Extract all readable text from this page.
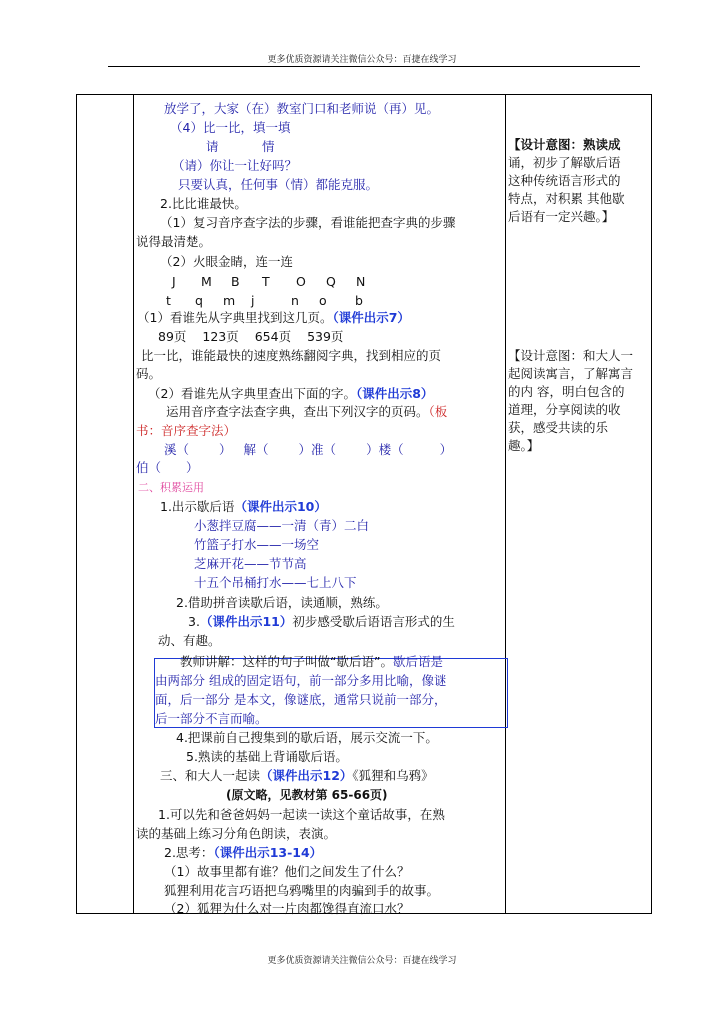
更多优质资源请关注微信公众号：百捷在线学习
放学了，大家（在）教室门口和老师说（再）见。
（4）比一比，填一填
请	情
（请）你让一让好吗？
只要认真，任何事（情）都能克服。
2.比比谁最快。
（1）复习音序查字法的步骤，看谁能把查字典的步骤
说得最清楚。
（2）火眼金睛，连一连
J M B T O Q N
t q m j	n o b
（1）看谁先从字典里找到这几页。（课件出示7）
89页 123页 654页 539页
比一比，谁能最快的速度熟练翻阅字典，找到相应的页
码。
（2）看谁先从字典里查出下面的字。（课件出示8）
运用音序查字法查字典，查出下列汉字的页码。（板
书：音序查字法）
溪（ ） 解（ ）准（ ）楼（	）
伯（　　）
二、积累运用
1.出示歇后语（课件出示10）
小葱拌豆腐——一清（青）二白
竹篮子打水——一场空
芝麻开花——节节高
十五个吊桶打水——七上八下
2.借助拼音读歇后语，读通顺，熟练。
3.（课件出示11）初步感受歇后语语言形式的生
动、有趣。
教师讲解：这样的句子叫做“歇后语”。歇后语是
由两部分 组成的固定语句，前一部分多用比喻，像谜
面，后一部分 是本文，像谜底，通常只说前一部分，
后一部分不言而喻。
4.把课前自己搜集到的歇后语，展示交流一下。
5.熟读的基础上背诵歇后语。
三、和大人一起读（课件出示12）《狐狸和乌鸦》
(原文略，见教材第 65-66页)
1.可以先和爸爸妈妈一起读一读这个童话故事，在熟
读的基础上练习分角色朗读，表演。
2.思考：（课件出示13-14）
（1）故事里都有谁？他们之间发生了什么？
狐狸利用花言巧语把乌鸦嘴里的肉骗到手的故事。
（2）狐狸为什么对一片肉都馋得直流口水？
【设计意图：熟读成
诵，初步了解歇后语
这种传统语言形式的
特点，对积累 其他歇
后语有一定兴趣。】
【设计意图：和大人一
起阅读寓言，了解寓言
的内 容，明白包含的
道理，分享阅读的收
获，感受共读的乐
趣。】
更多优质资源请关注微信公众号：百捷在线学习
